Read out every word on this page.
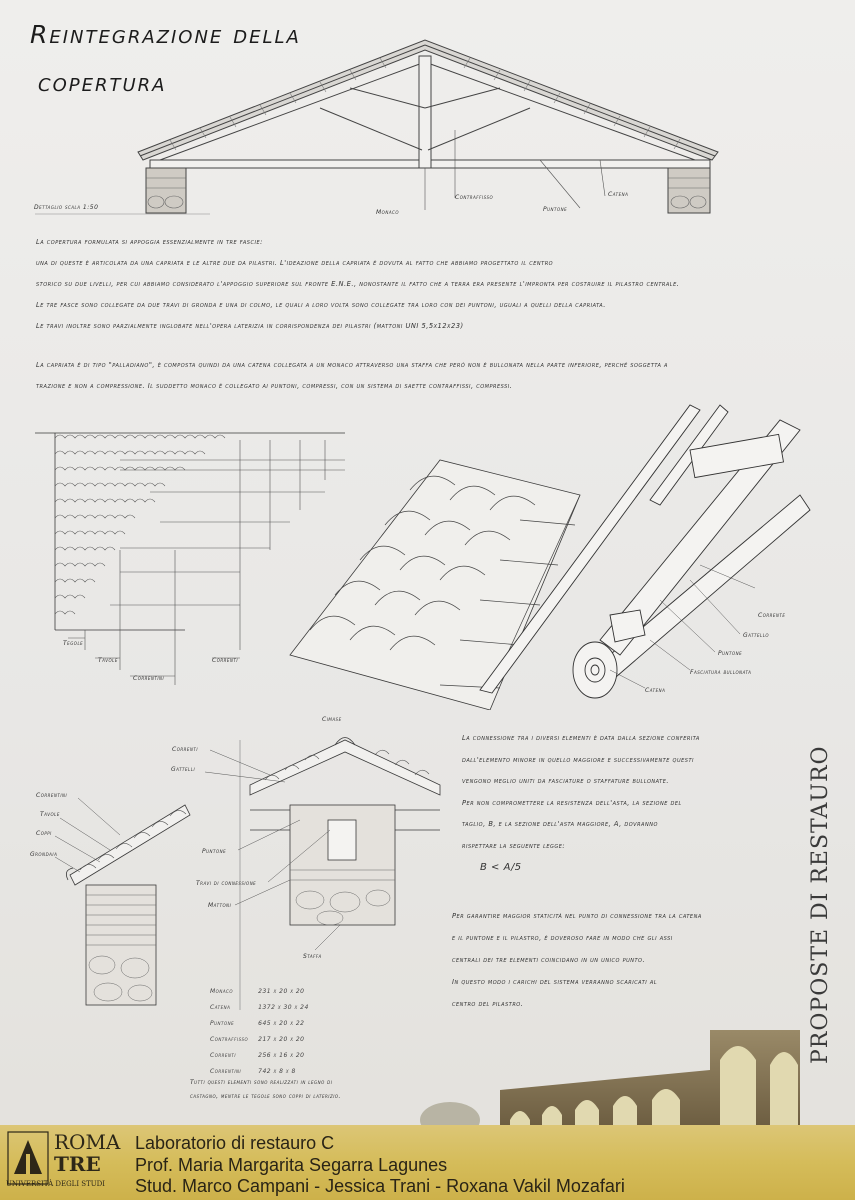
Reintegrazione della
copertura
Dettaglio scala 1:50
Monaco
Contraffisso
Puntone
Catena
La copertura formulata si appoggia essenzialmente in tre fascie:
una di queste è articolata da una capriata e le altre due da pilastri. L'ideazione della capriata è dovuta al fatto che abbiamo progettato il centro
storico su due livelli, per cui abbiamo considerato l'appoggio superiore sul fronte E.N.E., nonostante il fatto che a terra era presente l'impronta per costruire il pilastro centrale.
Le tre fasce sono collegate da due travi di gronda e una di colmo, le quali a loro volta sono collegate tra loro con dei puntoni, uguali a quelli della capriata.
Le travi inoltre sono parzialmente inglobate nell'opera laterizia in corrispondenza dei pilastri (mattoni UNI 5,5x12x23)
La capriata è di tipo "palladiano", è composta quindi da una catena collegata a un monaco attraverso una staffa che però non è bullonata nella parte inferiore, perché soggetta a
trazione e non a compressione. Il suddetto monaco è collegato ai puntoni, compressi, con un sistema di saette contraffissi, compressi.
Tegole
Tavole
Correntini
Correnti
Corrente
Gattello
Puntone
Fasciatura bullonata
Catena
Cimase
Correnti
Gattelli
Correntini
Tavole
Coppi
Grondaia	Puntone
Travi di connessione
Mattoni
Staffa
Monaco	231 x 20 x 20
Catena	1372 x 30 x 24
Puntone	645 x 20 x 22
Contraffisso	217 x 20 x 20
Correnti	256 x 16 x 20
Correntini	742 x 8 x 8
Tutti questi elementi sono realizzati in legno di
castagno, mentre le tegole sono coppi di laterizio.
La connessione tra i diversi elementi è data dalla sezione conferita
dall'elemento minore in quello maggiore e successivamente questi
vengono meglio uniti da fasciature o staffature bullonate.
Per non compromettere la resistenza dell'asta, la sezione del
taglio, B, e la sezione dell'asta maggiore, A, dovranno
rispettare la seguente legge:
B < A/5
Per garantire maggior staticità nel punto di connessione tra la catena
e il puntone e il pilastro, è doveroso fare in modo che gli assi
centrali dei tre elementi coincidano in un unico punto.
In questo modo i carichi del sistema verranno scaricati al
centro del pilastro.	PROPOSTE DI RESTAURO
ROMA
TRE
UNIVERSITÀ DEGLI STUDI
Laboratorio di restauro C
Prof. Maria Margarita Segarra Lagunes
Stud. Marco Campani - Jessica Trani - Roxana Vakil Mozafari
